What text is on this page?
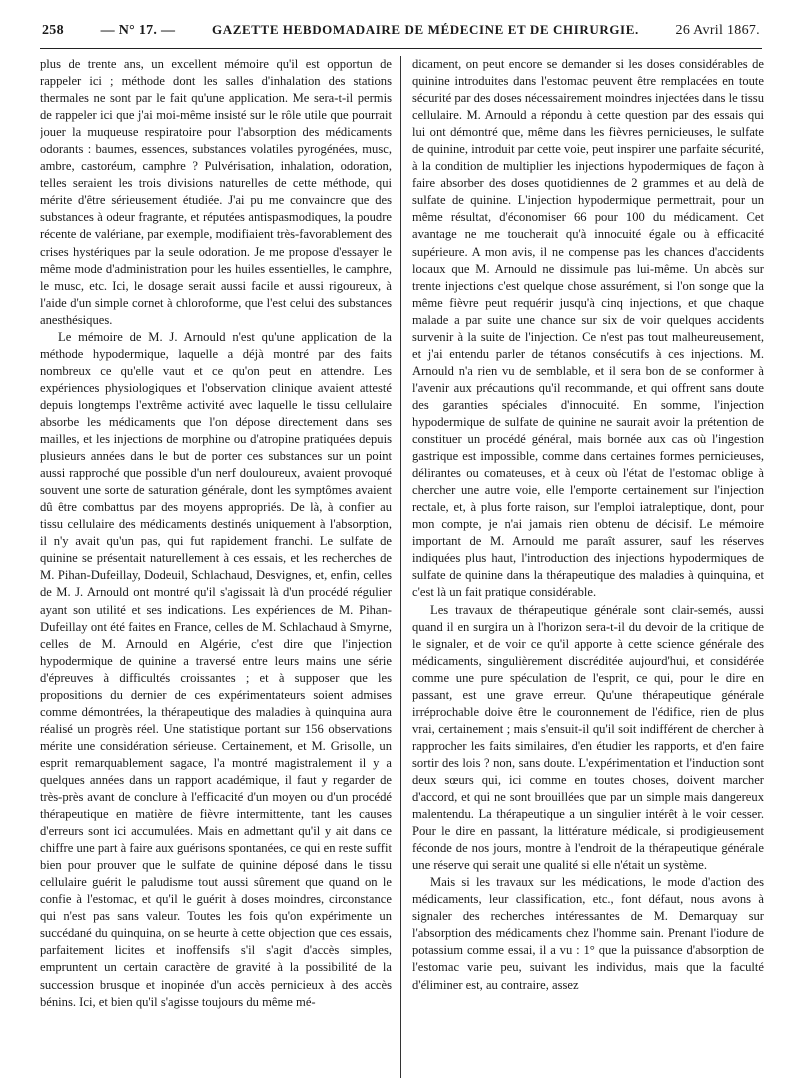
258	— N° 17. —	GAZETTE HEBDOMADAIRE DE MÉDECINE ET DE CHIRURGIE.	26 Avril 1867.

plus de trente ans, un excellent mémoire qu'il est opportun de rappeler ici ; méthode dont les salles d'inhalation des stations thermales ne sont par le fait qu'une application. Me sera-t-il permis de rappeler ici que j'ai moi-même insisté sur le rôle utile que pourrait jouer la muqueuse respiratoire pour l'absorption des médicaments odorants : baumes, essences, substances volatiles pyrogénées, musc, ambre, castoréum, camphre ? Pulvérisation, inhalation, odoration, telles seraient les trois divisions naturelles de cette méthode, qui mérite d'être sérieusement étudiée. J'ai pu me convaincre que des substances à odeur fragrante, et réputées antispasmodiques, la poudre récente de valériane, par exemple, modifiaient très-favorablement des crises hystériques par la seule odoration. Je me propose d'essayer le même mode d'administration pour les huiles essentielles, le camphre, le musc, etc. Ici, le dosage serait aussi facile et aussi rigoureux, à l'aide d'un simple cornet à chloroforme, que l'est celui des substances anesthésiques.

Le mémoire de M. J. Arnould n'est qu'une application de la méthode hypodermique, laquelle a déjà montré par des faits nombreux ce qu'elle vaut et ce qu'on peut en attendre. Les expériences physiologiques et l'observation clinique avaient attesté depuis longtemps l'extrême activité avec laquelle le tissu cellulaire absorbe les médicaments que l'on dépose directement dans ses mailles, et les injections de morphine ou d'atropine pratiquées depuis plusieurs années dans le but de porter ces substances sur un point aussi rapproché que possible d'un nerf douloureux, avaient provoqué souvent une sorte de saturation générale, dont les symptômes avaient dû être combattus par des moyens appropriés. De là, à confier au tissu cellulaire des médicaments destinés uniquement à l'absorption, il n'y avait qu'un pas, qui fut rapidement franchi. Le sulfate de quinine se présentait naturellement à ces essais, et les recherches de M. Pihan-Dufeillay, Dodeuil, Schlachaud, Desvignes, et, enfin, celles de M. J. Arnould ont montré qu'il s'agissait là d'un procédé régulier ayant son utilité et ses indications. Les expériences de M. Pihan-Dufeillay ont été faites en France, celles de M. Schlachaud à Smyrne, celles de M. Arnould en Algérie, c'est dire que l'injection hypodermique de quinine a traversé entre leurs mains une série d'épreuves à difficultés croissantes ; et à supposer que les propositions du dernier de ces expérimentateurs soient admises comme démontrées, la thérapeutique des maladies à quinquina aura réalisé un progrès réel. Une statistique portant sur 156 observations mérite une considération sérieuse. Certainement, et M. Grisolle, un esprit remarquablement sagace, l'a montré magistralement il y a quelques années dans un rapport académique, il faut y regarder de très-près avant de conclure à l'efficacité d'un moyen ou d'un procédé thérapeutique en matière de fièvre intermittente, tant les causes d'erreurs sont ici accumulées. Mais en admettant qu'il y ait dans ce chiffre une part à faire aux guérisons spontanées, ce qui en reste suffit bien pour prouver que le sulfate de quinine déposé dans le tissu cellulaire guérit le paludisme tout aussi sûrement que quand on le confie à l'estomac, et qu'il le guérit à doses moindres, circonstance qui n'est pas sans valeur. Toutes les fois qu'on expérimente un succédané du quinquina, on se heurte à cette objection que ces essais, parfaitement licites et inoffensifs s'il s'agit d'accès simples, empruntent un certain caractère de gravité à la possibilité de la succession brusque et inopinée d'un accès pernicieux à des accès bénins. Ici, et bien qu'il s'agisse toujours du même mé-

dicament, on peut encore se demander si les doses considérables de quinine introduites dans l'estomac peuvent être remplacées en toute sécurité par des doses nécessairement moindres injectées dans le tissu cellulaire. M. Arnould a répondu à cette question par des essais qui lui ont démontré que, même dans les fièvres pernicieuses, le sulfate de quinine, introduit par cette voie, peut inspirer une parfaite sécurité, à la condition de multiplier les injections hypodermiques de façon à faire absorber des doses quotidiennes de 2 grammes et au delà de sulfate de quinine. L'injection hypodermique permettrait, pour un même résultat, d'économiser 66 pour 100 du médicament. Cet avantage ne me toucherait qu'à innocuité égale ou à efficacité supérieure. A mon avis, il ne compense pas les chances d'accidents locaux que M. Arnould ne dissimule pas lui-même. Un abcès sur trente injections c'est quelque chose assurément, si l'on songe que la même fièvre peut requérir jusqu'à cinq injections, et que chaque malade a par suite une chance sur six de voir quelques accidents survenir à la suite de l'injection. Ce n'est pas tout malheureusement, et j'ai entendu parler de tétanos consécutifs à ces injections. M. Arnould n'a rien vu de semblable, et il sera bon de se conformer à l'avenir aux précautions qu'il recommande, et qui offrent sans doute des garanties spéciales d'innocuité. En somme, l'injection hypodermique de sulfate de quinine ne saurait avoir la prétention de constituer un procédé général, mais bornée aux cas où l'ingestion gastrique est impossible, comme dans certaines formes pernicieuses, délirantes ou comateuses, et à ceux où l'état de l'estomac oblige à chercher une autre voie, elle l'emporte certainement sur l'injection rectale, et, à plus forte raison, sur l'emploi iatraleptique, dont, pour mon compte, je n'ai jamais rien obtenu de décisif. Le mémoire important de M. Arnould me paraît assurer, sauf les réserves indiquées plus haut, l'introduction des injections hypodermiques de sulfate de quinine dans la thérapeutique des maladies à quinquina, et c'est là un fait pratique considérable.

Les travaux de thérapeutique générale sont clair-semés, aussi quand il en surgira un à l'horizon sera-t-il du devoir de la critique de le signaler, et de voir ce qu'il apporte à cette science générale des médicaments, singulièrement discréditée aujourd'hui, et considérée comme une pure spéculation de l'esprit, ce qui, pour le dire en passant, est une grave erreur. Qu'une thérapeutique générale irréprochable doive être le couronnement de l'édifice, rien de plus vrai, certainement ; mais s'ensuit-il qu'il soit indifférent de chercher à rapprocher les faits similaires, d'en étudier les rapports, et d'en faire sortir des lois ? non, sans doute. L'expérimentation et l'induction sont deux sœurs qui, ici comme en toutes choses, doivent marcher d'accord, et qui ne sont brouillées que par un simple mais dangereux malentendu. La thérapeutique a un singulier intérêt à le voir cesser. Pour le dire en passant, la littérature médicale, si prodigieusement féconde de nos jours, montre à l'endroit de la thérapeutique générale une réserve qui serait une qualité si elle n'était un système.

Mais si les travaux sur les médications, le mode d'action des médicaments, leur classification, etc., font défaut, nous avons à signaler des recherches intéressantes de M. Demarquay sur l'absorption des médicaments chez l'homme sain. Prenant l'iodure de potassium comme essai, il a vu : 1° que la puissance d'absorption de l'estomac varie peu, suivant les individus, mais que la faculté d'éliminer est, au contraire, assez
